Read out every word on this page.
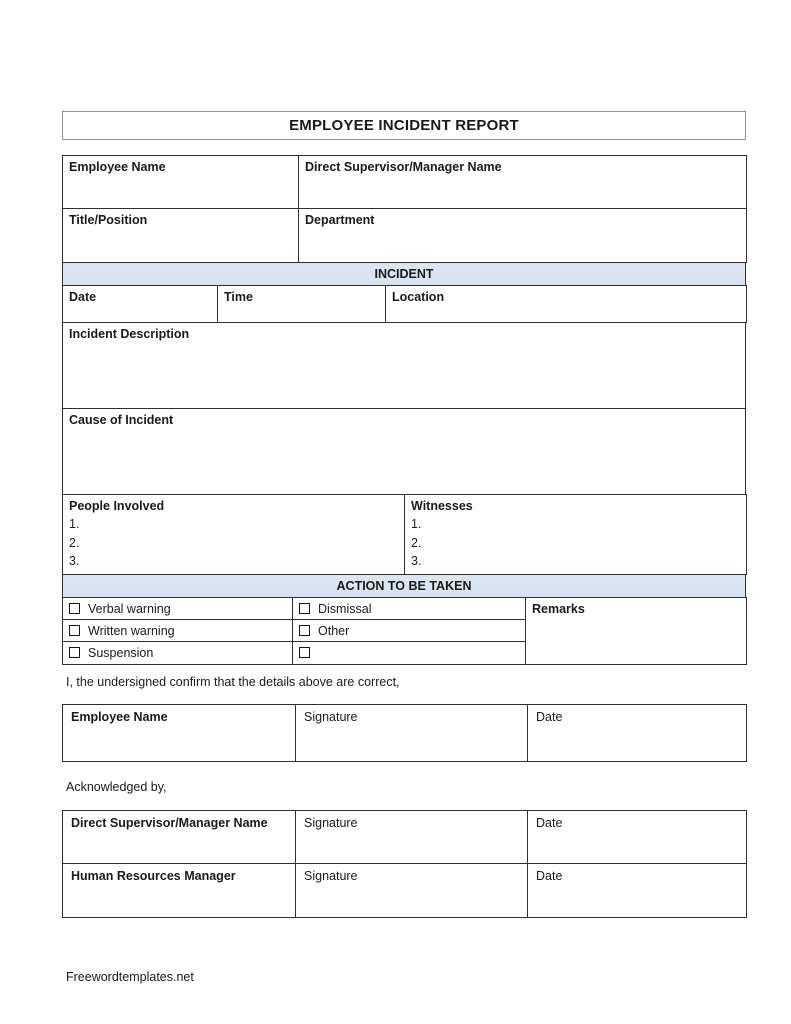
EMPLOYEE INCIDENT REPORT
Employee Name	Direct Supervisor/Manager Name
Title/Position	Department
INCIDENT
Date	Time	Location
Incident Description
Cause of Incident
People Involved
1.
2.
3.

Witnesses
1.
2.
3.
ACTION TO BE TAKEN
Verbal warning	Dismissal	Remarks
Written warning	Other	
Suspension		

I, the undersigned confirm that the details above are correct,

Employee Name	Signature	Date

Acknowledged by,

Direct Supervisor/Manager Name	Signature	Date
Human Resources Manager	Signature	Date

Freewordtemplates.net
